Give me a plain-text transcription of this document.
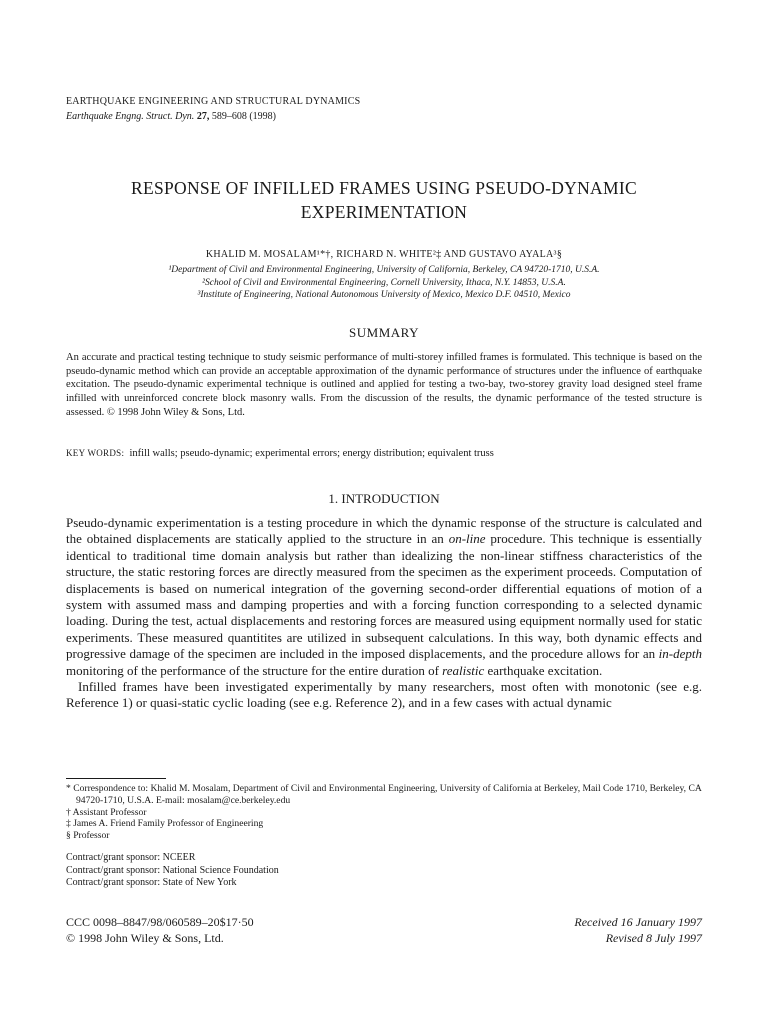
EARTHQUAKE ENGINEERING AND STRUCTURAL DYNAMICS
Earthquake Engng. Struct. Dyn. 27, 589–608 (1998)
RESPONSE OF INFILLED FRAMES USING PSEUDO-DYNAMIC
EXPERIMENTATION
KHALID M. MOSALAM¹*†, RICHARD N. WHITE²‡ AND GUSTAVO AYALA³§
¹Department of Civil and Environmental Engineering, University of California, Berkeley, CA 94720-1710, U.S.A.
²School of Civil and Environmental Engineering, Cornell University, Ithaca, N.Y. 14853, U.S.A.
³Institute of Engineering, National Autonomous University of Mexico, Mexico D.F. 04510, Mexico
SUMMARY
An accurate and practical testing technique to study seismic performance of multi-storey infilled frames is formulated. This technique is based on the pseudo-dynamic method which can provide an acceptable approximation of the dynamic performance of structures under the influence of earthquake excitation. The pseudo-dynamic experimental technique is outlined and applied for testing a two-bay, two-storey gravity load designed steel frame infilled with unreinforced concrete block masonry walls. From the discussion of the results, the dynamic performance of the tested structure is assessed. © 1998 John Wiley & Sons, Ltd.
KEY WORDS: infill walls; pseudo-dynamic; experimental errors; energy distribution; equivalent truss
1. INTRODUCTION

Pseudo-dynamic experimentation is a testing procedure in which the dynamic response of the structure is calculated and the obtained displacements are statically applied to the structure in an on-line procedure. This technique is essentially identical to traditional time domain analysis but rather than idealizing the non-linear stiffness characteristics of the structure, the static restoring forces are directly measured from the specimen as the experiment proceeds. Computation of displacements is based on numerical integration of the governing second-order differential equations of motion of a system with assumed mass and damping properties and with a forcing function corresponding to a selected dynamic loading. During the test, actual displacements and restoring forces are measured using equipment normally used for static experiments. These measured quantitites are utilized in subsequent calculations. In this way, both dynamic effects and progressive damage of the specimen are included in the imposed displacements, and the procedure allows for an in-depth monitoring of the performance of the structure for the entire duration of realistic earthquake excitation.

Infilled frames have been investigated experimentally by many researchers, most often with monotonic (see e.g. Reference 1) or quasi-static cyclic loading (see e.g. Reference 2), and in a few cases with actual dynamic

* Correspondence to: Khalid M. Mosalam, Department of Civil and Environmental Engineering, University of California at Berkeley, Mail Code 1710, Berkeley, CA 94720-1710, U.S.A. E-mail: mosalam@ce.berkeley.edu
† Assistant Professor
‡ James A. Friend Family Professor of Engineering
§ Professor
Contract/grant sponsor: NCEER
Contract/grant sponsor: National Science Foundation
Contract/grant sponsor: State of New York
CCC 0098–8847/98/060589–20$17·50
© 1998 John Wiley & Sons, Ltd.
Received 16 January 1997
Revised 8 July 1997
